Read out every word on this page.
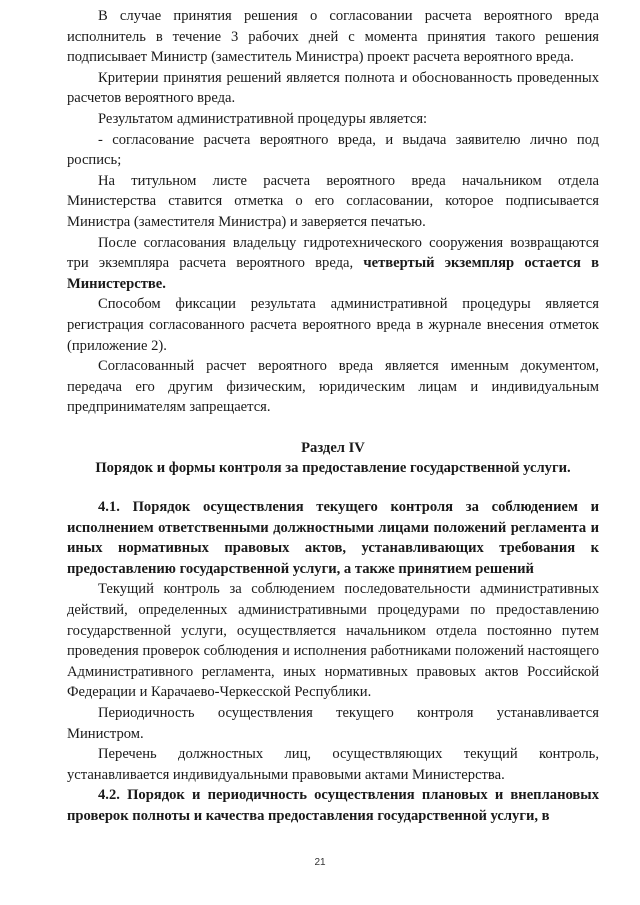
В случае принятия решения о согласовании расчета вероятного вреда исполнитель в течение 3 рабочих дней с момента принятия такого решения подписывает Министр (заместитель Министра) проект расчета вероятного вреда.

Критерии принятия решений является полнота и обоснованность проведенных расчетов вероятного вреда.

Результатом административной процедуры является:

- согласование расчета вероятного вреда, и выдача заявителю лично под роспись;

На титульном листе расчета вероятного вреда начальником отдела Министерства ставится отметка о его согласовании, которое подписывается Министра (заместителя Министра) и заверяется печатью.

После согласования владельцу гидротехнического сооружения возвращаются три экземпляра расчета вероятного вреда, четвертый экземпляр остается в Министерстве.

Способом фиксации результата административной процедуры является регистрация согласованного расчета вероятного вреда в журнале внесения отметок (приложение 2).

Согласованный расчет вероятного вреда является именным документом, передача его другим физическим, юридическим лицам и индивидуальным предпринимателям запрещается.

Раздел IV

Порядок и формы контроля за предоставление государственной услуги.

4.1. Порядок осуществления текущего контроля за соблюдением и исполнением ответственными должностными лицами положений регламента и иных нормативных правовых актов, устанавливающих требования к предоставлению государственной услуги, а также принятием решений

Текущий контроль за соблюдением последовательности административных действий, определенных административными процедурами по предоставлению государственной услуги, осуществляется начальником отдела постоянно путем проведения проверок соблюдения и исполнения работниками положений настоящего Административного регламента, иных нормативных правовых актов Российской Федерации и Карачаево-Черкесской Республики.

Периодичность осуществления текущего контроля устанавливается Министром.

Перечень должностных лиц, осуществляющих текущий контроль, устанавливается индивидуальными правовыми актами Министерства.

4.2. Порядок и периодичность осуществления плановых и внеплановых проверок полноты и качества предоставления государственной услуги, в

21
